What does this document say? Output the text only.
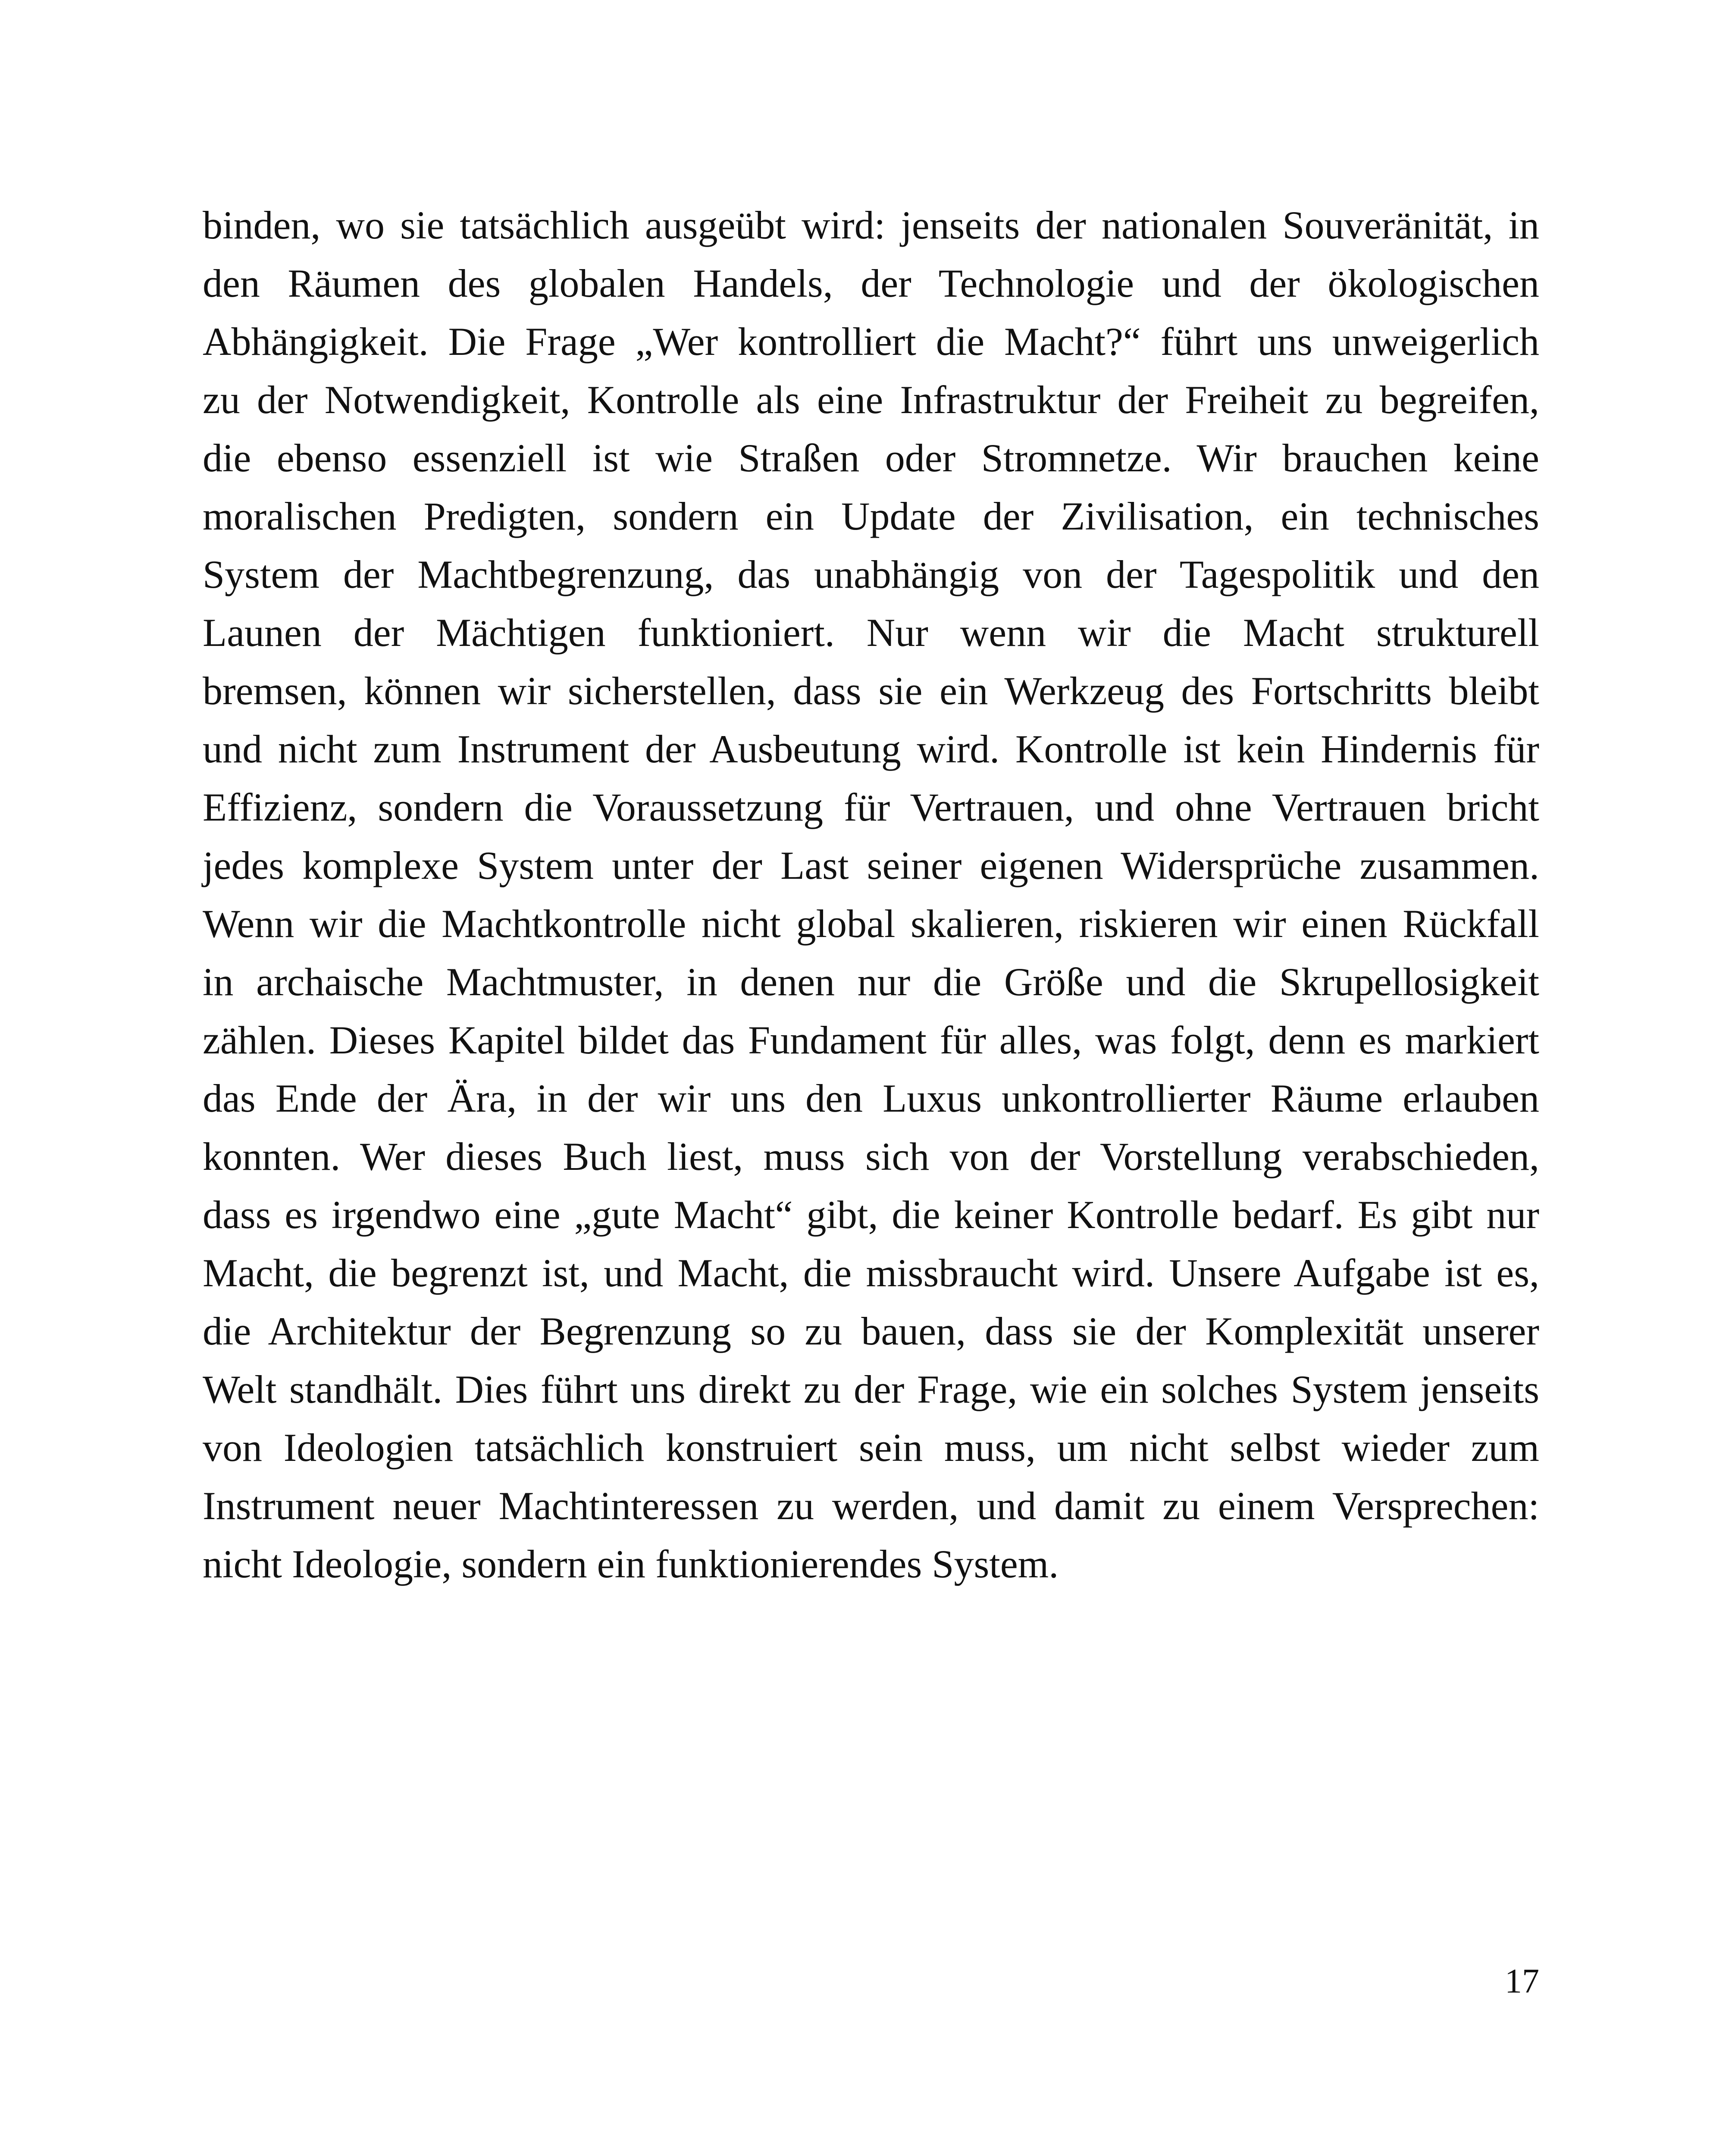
binden, wo sie tatsächlich ausgeübt wird: jenseits der nationalen Souveränität, in
den Räumen des globalen Handels, der Technologie und der ökologischen
Abhängigkeit. Die Frage „Wer kontrolliert die Macht?“ führt uns unweigerlich
zu der Notwendigkeit, Kontrolle als eine Infrastruktur der Freiheit zu begreifen,
die ebenso essenziell ist wie Straßen oder Stromnetze. Wir brauchen keine
moralischen Predigten, sondern ein Update der Zivilisation, ein technisches
System der Machtbegrenzung, das unabhängig von der Tagespolitik und den
Launen der Mächtigen funktioniert. Nur wenn wir die Macht strukturell
bremsen, können wir sicherstellen, dass sie ein Werkzeug des Fortschritts bleibt
und nicht zum Instrument der Ausbeutung wird. Kontrolle ist kein Hindernis für
Effizienz, sondern die Voraussetzung für Vertrauen, und ohne Vertrauen bricht
jedes komplexe System unter der Last seiner eigenen Widersprüche zusammen.
Wenn wir die Machtkontrolle nicht global skalieren, riskieren wir einen Rückfall
in archaische Machtmuster, in denen nur die Größe und die Skrupellosigkeit
zählen. Dieses Kapitel bildet das Fundament für alles, was folgt, denn es markiert
das Ende der Ära, in der wir uns den Luxus unkontrollierter Räume erlauben
konnten. Wer dieses Buch liest, muss sich von der Vorstellung verabschieden,
dass es irgendwo eine „gute Macht“ gibt, die keiner Kontrolle bedarf. Es gibt nur
Macht, die begrenzt ist, und Macht, die missbraucht wird. Unsere Aufgabe ist es,
die Architektur der Begrenzung so zu bauen, dass sie der Komplexität unserer
Welt standhält. Dies führt uns direkt zu der Frage, wie ein solches System jenseits
von Ideologien tatsächlich konstruiert sein muss, um nicht selbst wieder zum
Instrument neuer Machtinteressen zu werden, und damit zu einem Versprechen:
nicht Ideologie, sondern ein funktionierendes System.
17
